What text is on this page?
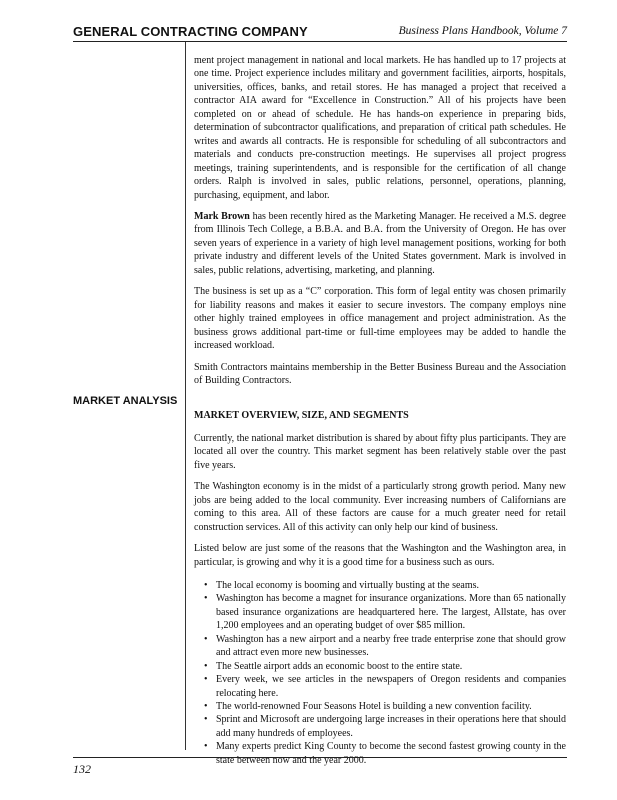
GENERAL CONTRACTING COMPANY	Business Plans Handbook, Volume 7
MARKET ANALYSIS

ment project management in national and local markets. He has handled up to 17 projects at one time. Project experience includes military and government facilities, airports, hospitals, universities, offices, banks, and retail stores. He has managed a project that received a contractor AIA award for “Excellence in Construction.” All of his projects have been completed on or ahead of schedule. He has hands-on experience in preparing bids, determination of subcontractor qualifications, and preparation of critical path schedules. He writes and awards all contracts. He is responsible for scheduling of all subcontractors and materials and conducts pre-construction meetings. He supervises all project progress meetings, training superintendents, and is responsible for the certification of all change orders. Ralph is involved in sales, public relations, personnel, operations, planning, purchasing, equipment, and labor.

Mark Brown has been recently hired as the Marketing Manager. He received a M.S. degree from Illinois Tech College, a B.B.A. and B.A. from the University of Oregon. He has over seven years of experience in a variety of high level management positions, working for both private industry and different levels of the United States government. Mark is involved in sales, public relations, advertising, marketing, and planning.

The business is set up as a “C” corporation. This form of legal entity was chosen primarily for liability reasons and makes it easier to secure investors. The company employs nine other highly trained employees in office management and project administration. As the business grows additional part-time or full-time employees may be added to handle the increased workload.

Smith Contractors maintains membership in the Better Business Bureau and the Association of Building Contractors.

MARKET OVERVIEW, SIZE, AND SEGMENTS

Currently, the national market distribution is shared by about fifty plus participants. They are located all over the country. This market segment has been relatively stable over the past five years.

The Washington economy is in the midst of a particularly strong growth period. Many new jobs are being added to the local community. Ever increasing numbers of Californians are coming to this area. All of these factors are cause for a much greater need for retail construction services. All of this activity can only help our kind of business.

Listed below are just some of the reasons that the Washington and the Washington area, in particular, is growing and why it is a good time for a business such as ours.

• The local economy is booming and virtually busting at the seams.
• Washington has become a magnet for insurance organizations. More than 65 nationally based insurance organizations are headquartered here. The largest, Allstate, has over 1,200 employees and an operating budget of over $85 million.
• Washington has a new airport and a nearby free trade enterprise zone that should grow and attract even more new businesses.
• The Seattle airport adds an economic boost to the entire state.
• Every week, we see articles in the newspapers of Oregon residents and companies relocating here.
• The world-renowned Four Seasons Hotel is building a new convention facility.
• Sprint and Microsoft are undergoing large increases in their operations here that should add many hundreds of employees.
• Many experts predict King County to become the second fastest growing county in the state between now and the year 2000.
132
